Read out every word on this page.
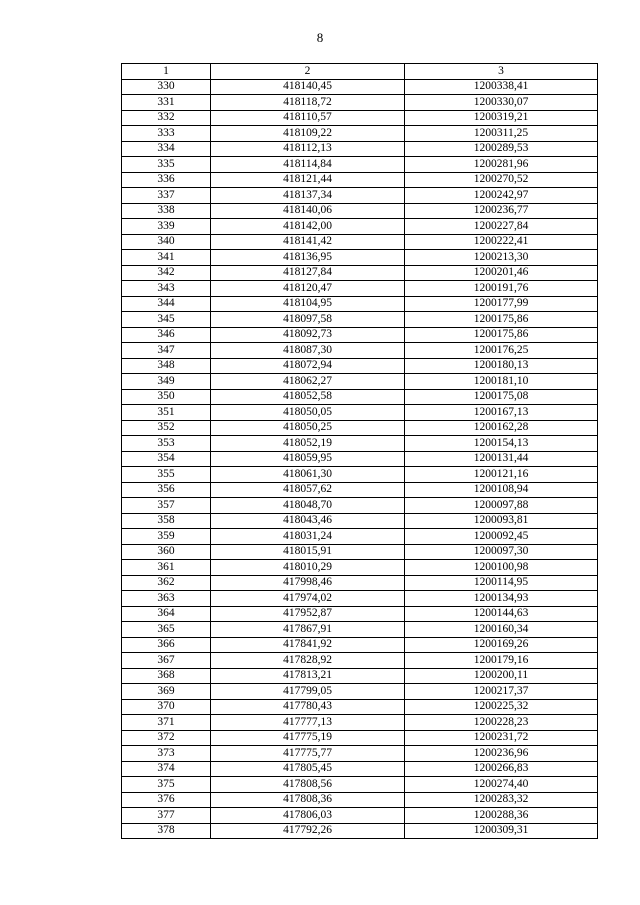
8
1	2	3
330	418140,45	1200338,41
331	418118,72	1200330,07
332	418110,57	1200319,21
333	418109,22	1200311,25
334	418112,13	1200289,53
335	418114,84	1200281,96
336	418121,44	1200270,52
337	418137,34	1200242,97
338	418140,06	1200236,77
339	418142,00	1200227,84
340	418141,42	1200222,41
341	418136,95	1200213,30
342	418127,84	1200201,46
343	418120,47	1200191,76
344	418104,95	1200177,99
345	418097,58	1200175,86
346	418092,73	1200175,86
347	418087,30	1200176,25
348	418072,94	1200180,13
349	418062,27	1200181,10
350	418052,58	1200175,08
351	418050,05	1200167,13
352	418050,25	1200162,28
353	418052,19	1200154,13
354	418059,95	1200131,44
355	418061,30	1200121,16
356	418057,62	1200108,94
357	418048,70	1200097,88
358	418043,46	1200093,81
359	418031,24	1200092,45
360	418015,91	1200097,30
361	418010,29	1200100,98
362	417998,46	1200114,95
363	417974,02	1200134,93
364	417952,87	1200144,63
365	417867,91	1200160,34
366	417841,92	1200169,26
367	417828,92	1200179,16
368	417813,21	1200200,11
369	417799,05	1200217,37
370	417780,43	1200225,32
371	417777,13	1200228,23
372	417775,19	1200231,72
373	417775,77	1200236,96
374	417805,45	1200266,83
375	417808,56	1200274,40
376	417808,36	1200283,32
377	417806,03	1200288,36
378	417792,26	1200309,31
